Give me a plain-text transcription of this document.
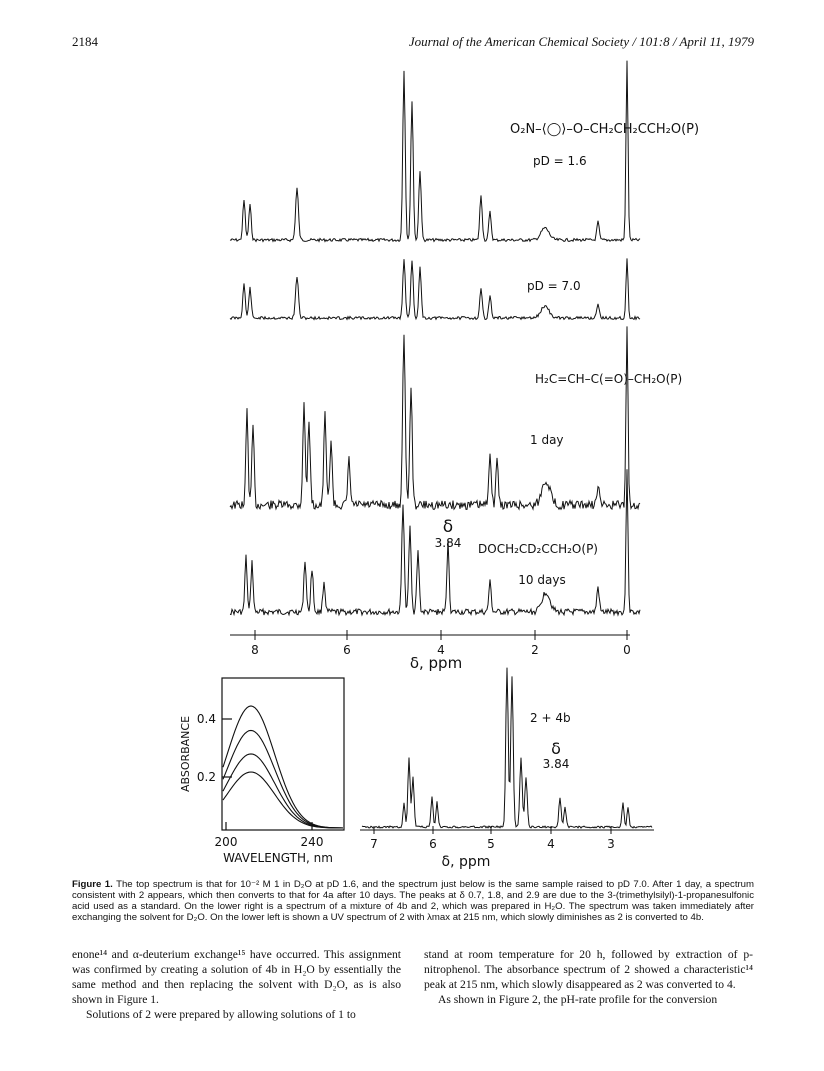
2184	Journal of the American Chemical Society / 101:8 / April 11, 1979
8	6	4	2	0
δ, ppm
O₂N–⟨◯⟩–O–CH₂CH₂CCH₂O(P)
pD = 1.6
pD = 7.0
H₂C=CH–C(=O)–CH₂O(P)
1 day
δ
3.84 DOCH₂CD₂CCH₂O(P)
10 days
0.4
0.2
ABSORBANCE
200	240
WAVELENGTH, nm
7	6	5	4	3
δ, ppm
2 + 4b
δ
3.84
Figure 1. The top spectrum is that for 10⁻² M 1 in D₂O at pD 1.6, and the spectrum just below is the same sample raised to pD 7.0. After 1 day, a spectrum consistent with 2 appears, which then converts to that for 4a after 10 days. The peaks at δ 0.7, 1.8, and 2.9 are due to the 3-(trimethylsilyl)-1-propanesulfonic acid used as a standard. On the lower right is a spectrum of a mixture of 4b and 2, which was prepared in H₂O. The spectrum was taken immediately after exchanging the solvent for D₂O. On the lower left is shown a UV spectrum of 2 with λmax at 215 nm, which slowly diminishes as 2 is converted to 4b.

enone¹⁴ and α-deuterium exchange¹⁵ have occurred. This assignment was confirmed by creating a solution of 4b in H₂O by essentially the same method and then replacing the solvent with D₂O, as is also shown in Figure 1.

Solutions of 2 were prepared by allowing solutions of 1 to

stand at room temperature for 20 h, followed by extraction of p-nitrophenol. The absorbance spectrum of 2 showed a characteristic¹⁴ peak at 215 nm, which slowly disappeared as 2 was converted to 4.

As shown in Figure 2, the pH-rate profile for the conversion
